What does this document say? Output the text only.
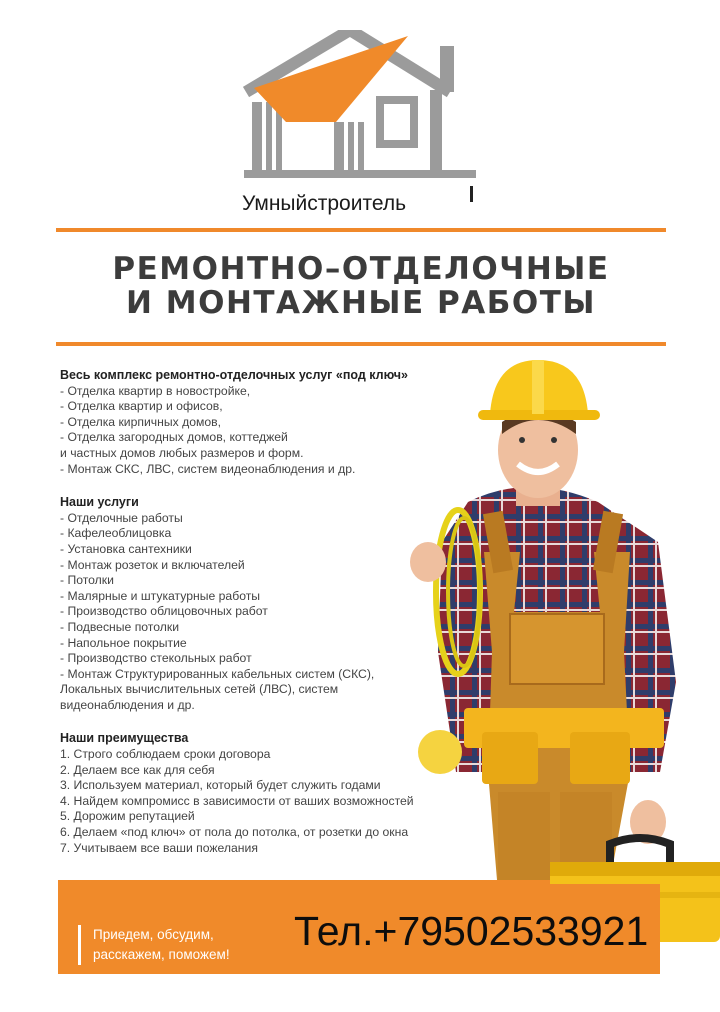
Умныйстроитель
РЕМОНТНО–ОТДЕЛОЧНЫЕ
И МОНТАЖНЫЕ РАБОТЫ
Весь комплекс ремонтно-отделочных услуг «под ключ»
- Отделка квартир в новостройке,
- Отделка квартир и офисов,
- Отделка кирпичных домов,
- Отделка загородных домов, коттеджей
и частных домов любых размеров и форм.
- Монтаж СКС, ЛВС, систем видеонаблюдения и др.
Наши услуги
- Отделочные работы
- Кафелеоблицовка
- Установка сантехники
- Монтаж розеток и включателей
- Потолки
- Малярные и штукатурные работы
- Производство облицовочных работ
- Подвесные потолки
- Напольное покрытие
- Производство стекольных работ
- Монтаж Структурированных кабельных систем (СКС),
Локальных вычислительных сетей (ЛВС), систем
видеонаблюдения и др.
Наши преимущества
1. Строго соблюдаем сроки договора
2. Делаем все как для себя
3. Используем материал, который будет служить годами
4. Найдем компромисс в зависимости от ваших возможностей
5. Дорожим репутацией
6. Делаем «под ключ» от пола до потолка, от розетки до окна
7. Учитываем все ваши пожелания
Приедем, обсудим,
расскажем, поможем!
Тел.+79502533921
